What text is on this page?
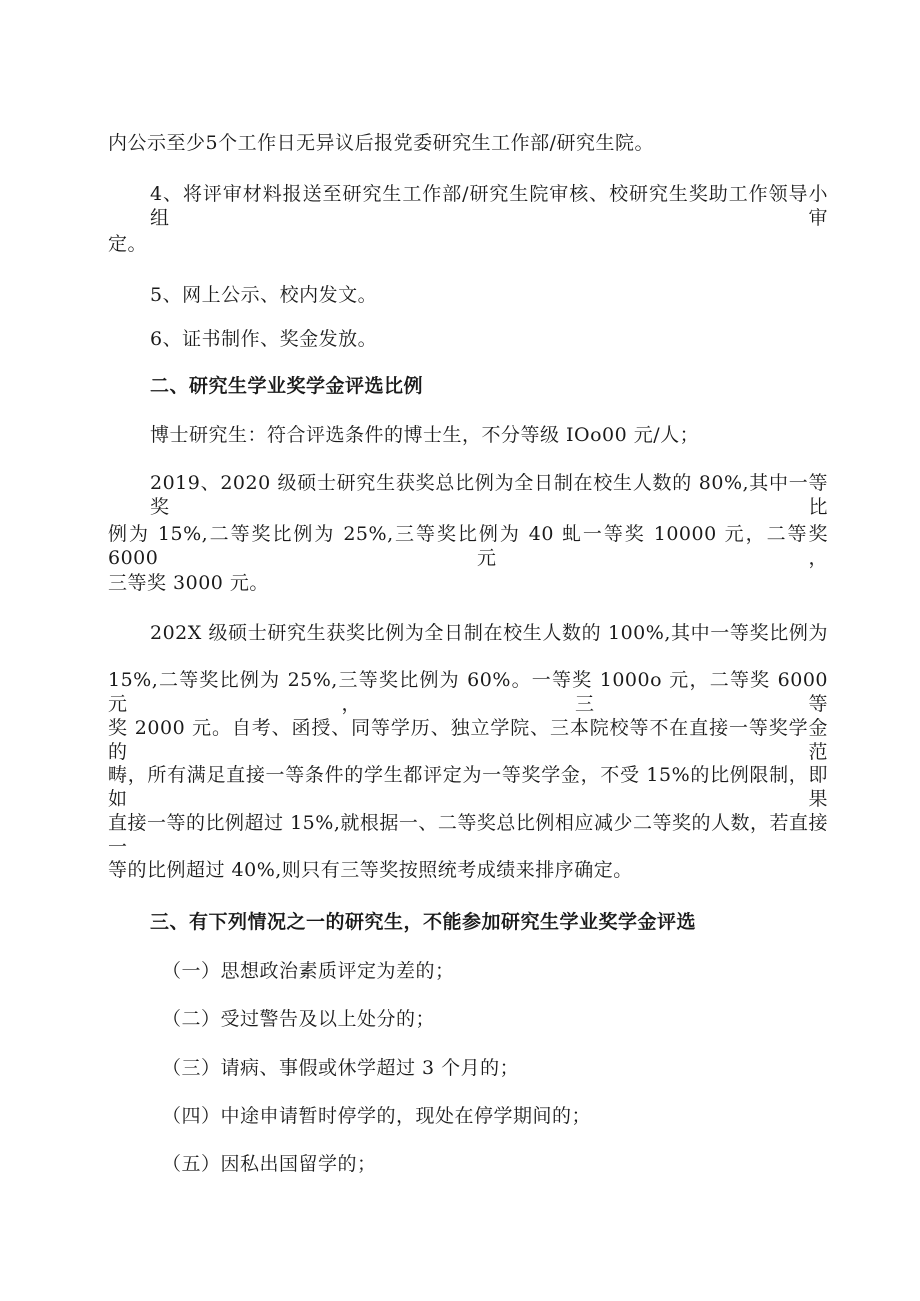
内公示至少5个工作日无异议后报党委研究生工作部/研究生院。
4、将评审材料报送至研究生工作部/研究生院审核、校研究生奖助工作领导小组审
定。
5、网上公示、校内发文。
6、证书制作、奖金发放。
二、研究生学业奖学金评选比例
博士研究生：符合评选条件的博士生，不分等级 IOo00 元/人；
2019、2020 级硕士研究生获奖总比例为全日制在校生人数的 80%,其中一等奖比
例为 15%,二等奖比例为 25%,三等奖比例为 40 虬一等奖 10000 元，二等奖 6000 元，
三等奖 3000 元。
202X 级硕士研究生获奖比例为全日制在校生人数的 100%,其中一等奖比例为
15%,二等奖比例为 25%,三等奖比例为 60%。一等奖 1000o 元，二等奖 6000 元，三等
奖 2000 元。自考、函授、同等学历、独立学院、三本院校等不在直接一等奖学金的范
畴，所有满足直接一等条件的学生都评定为一等奖学金，不受 15%的比例限制，即如果
直接一等的比例超过 15%,就根据一、二等奖总比例相应减少二等奖的人数，若直接一
等的比例超过 40%,则只有三等奖按照统考成绩来排序确定。
三、有下列情况之一的研究生，不能参加研究生学业奖学金评选
（一）思想政治素质评定为差的；
（二）受过警告及以上处分的；
（三）请病、事假或休学超过 3 个月的；
（四）中途申请暂时停学的，现处在停学期间的；
（五）因私出国留学的；
